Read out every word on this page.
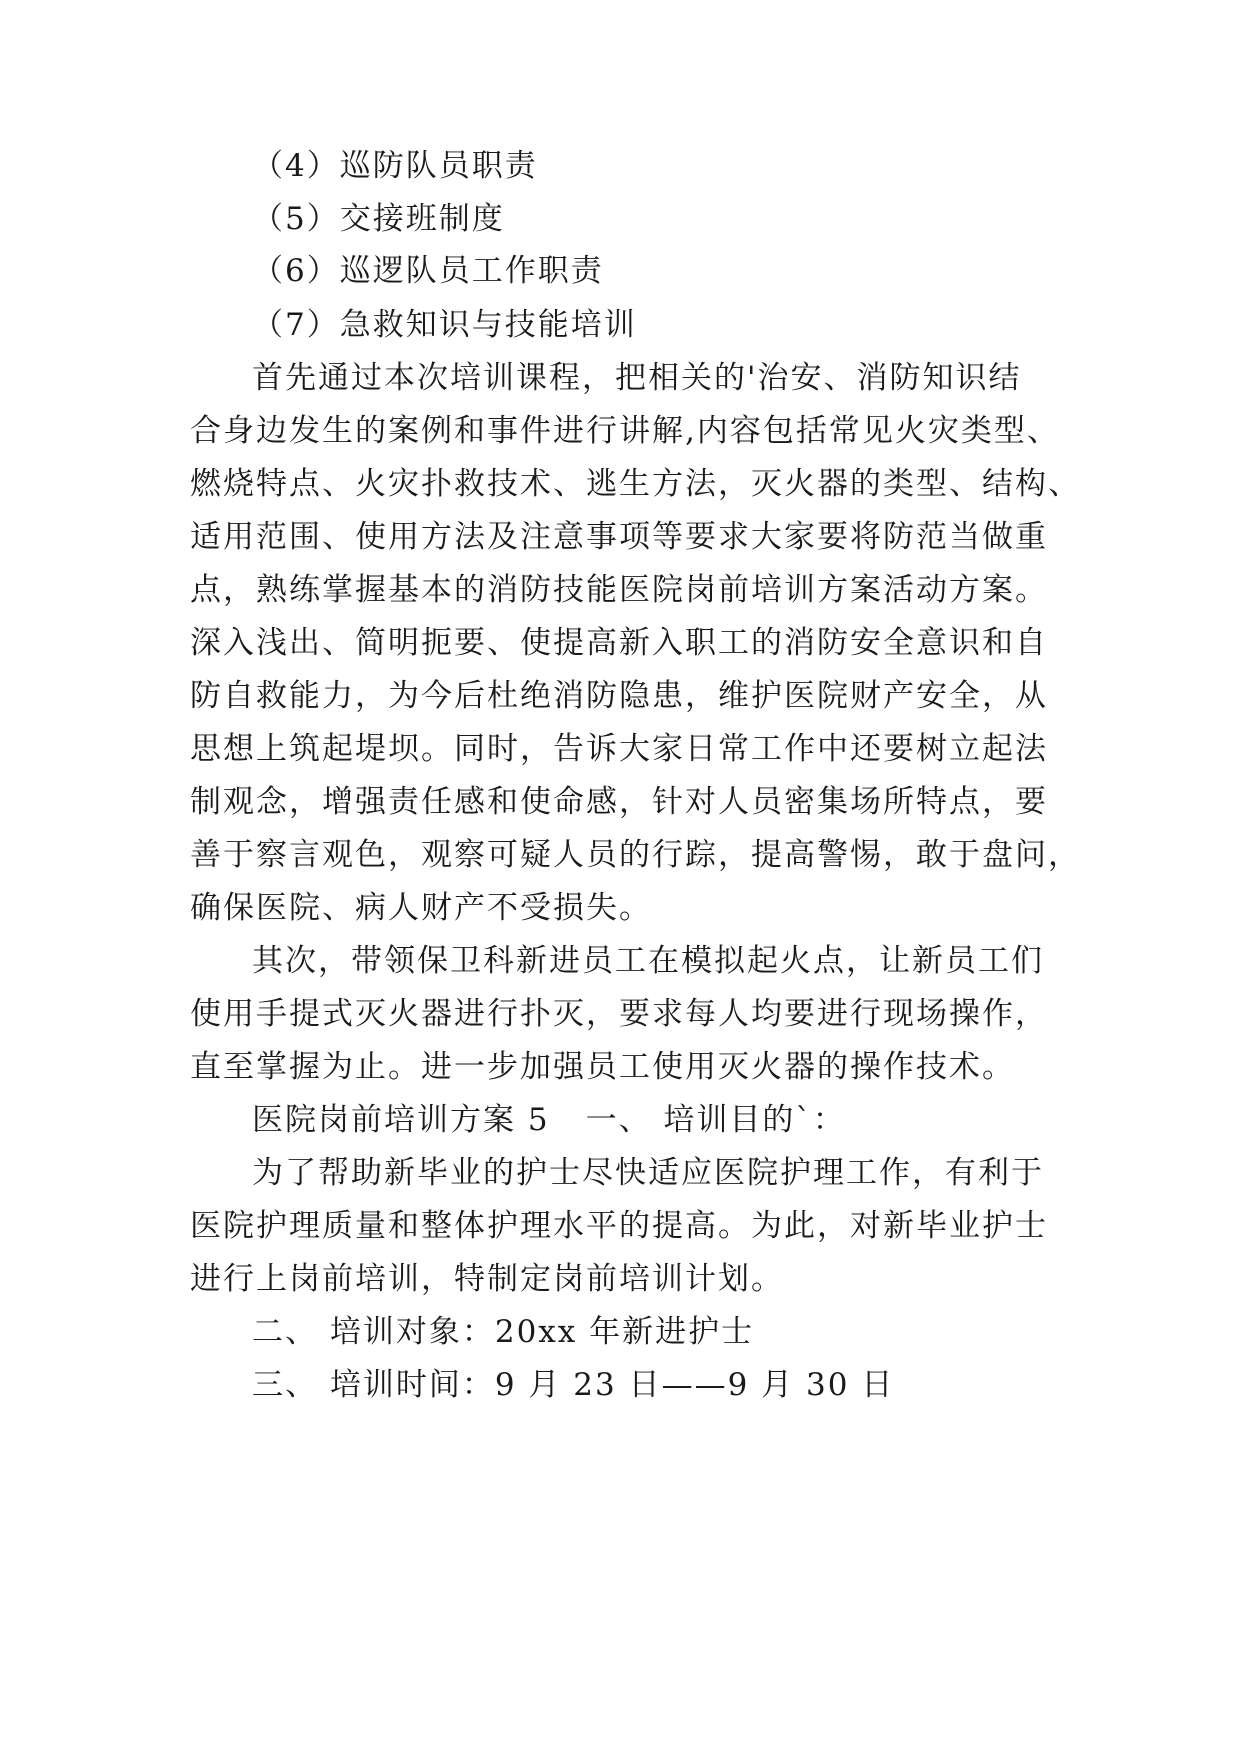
（4）巡防队员职责
（5）交接班制度
（6）巡逻队员工作职责
（7）急救知识与技能培训
首先通过本次培训课程，把相关的'治安、消防知识结
合身边发生的案例和事件进行讲解,内容包括常见火灾类型、
燃烧特点、火灾扑救技术、逃生方法，灭火器的类型、结构、
适用范围、使用方法及注意事项等要求大家要将防范当做重
点，熟练掌握基本的消防技能医院岗前培训方案活动方案。
深入浅出、简明扼要、使提高新入职工的消防安全意识和自
防自救能力，为今后杜绝消防隐患，维护医院财产安全，从
思想上筑起堤坝。同时，告诉大家日常工作中还要树立起法
制观念，增强责任感和使命感，针对人员密集场所特点，要
善于察言观色，观察可疑人员的行踪，提高警惕，敢于盘问，
确保医院、病人财产不受损失。
其次，带领保卫科新进员工在模拟起火点，让新员工们
使用手提式灭火器进行扑灭，要求每人均要进行现场操作，
直至掌握为止。进一步加强员工使用灭火器的操作技术。
医院岗前培训方案 5 一、 培训目的`：
为了帮助新毕业的护士尽快适应医院护理工作，有利于
医院护理质量和整体护理水平的提高。为此，对新毕业护士
进行上岗前培训，特制定岗前培训计划。
二、 培训对象：20xx 年新进护士
三、 培训时间：9 月 23 日——9 月 30 日
